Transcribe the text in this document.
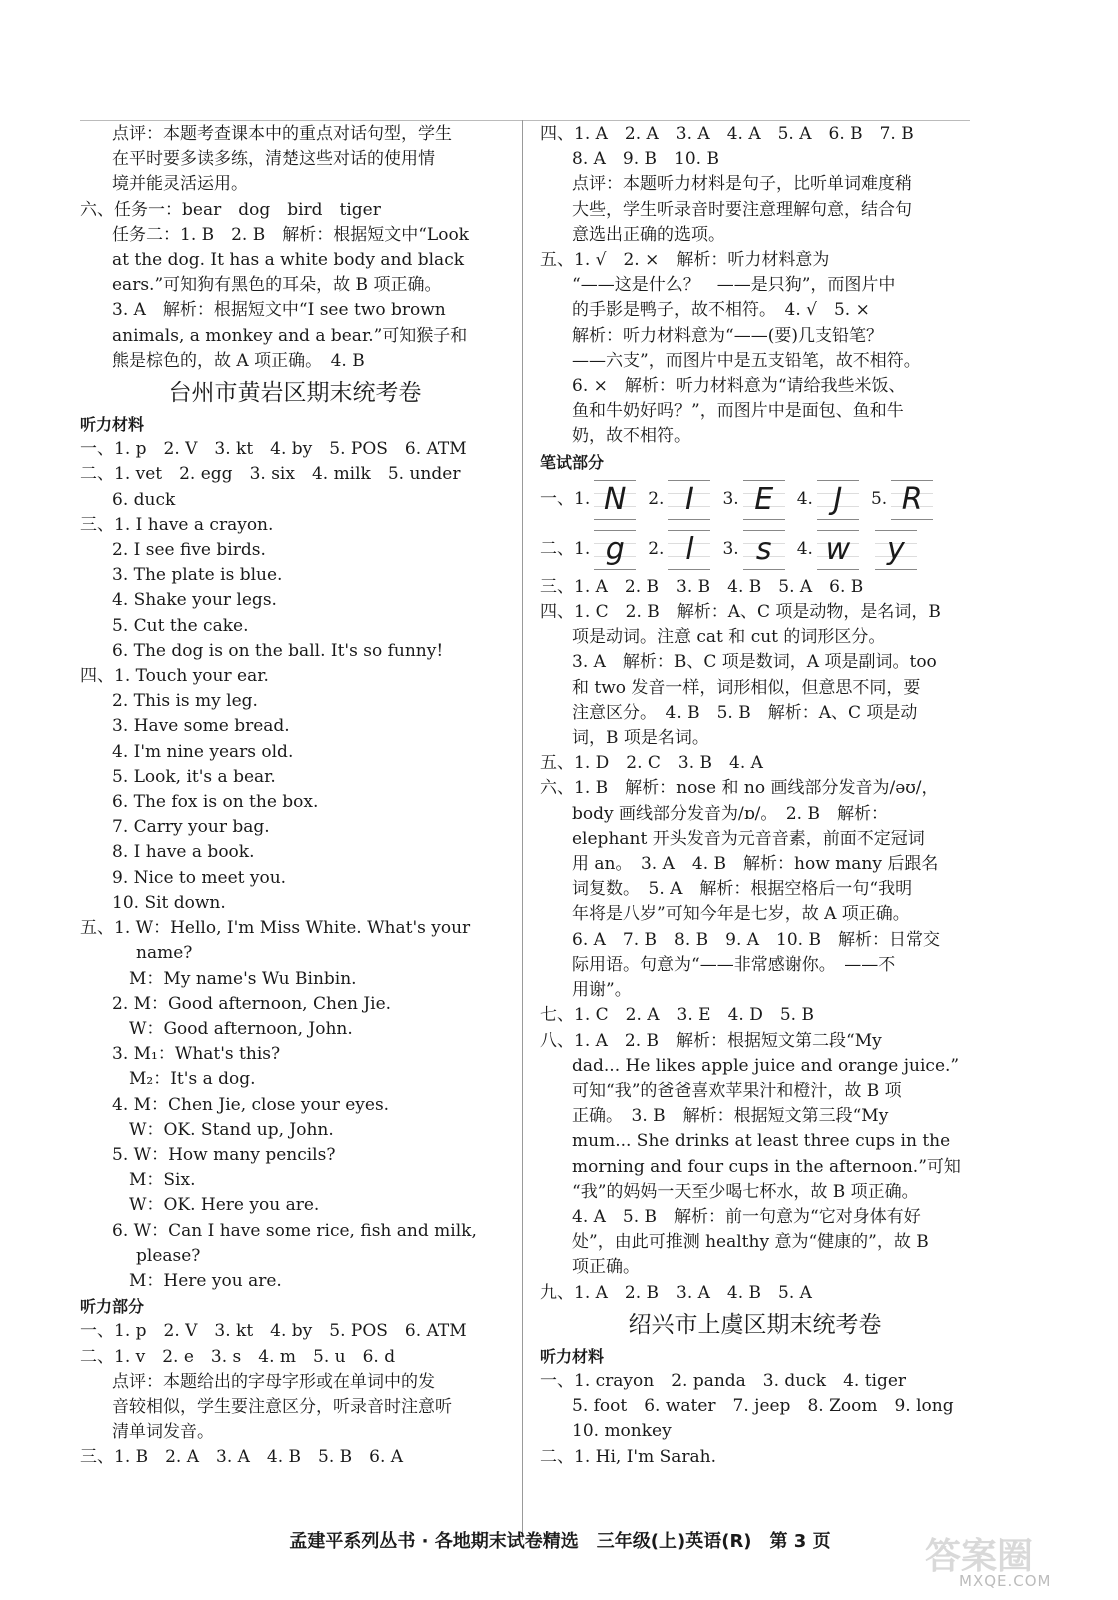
点评：本题考查课本中的重点对话句型，学生
在平时要多读多练，清楚这些对话的使用情
境并能灵活运用。
六、任务一：bear　dog　bird　tiger
任务二：1. B　2. B　解析：根据短文中“Look
at the dog. It has a white body and black
ears.”可知狗有黑色的耳朵，故 B 项正确。
3. A　解析：根据短文中“I see two brown
animals, a monkey and a bear.”可知猴子和
熊是棕色的，故 A 项正确。　4. B
台州市黄岩区期末统考卷
听力材料
一、1. p　2. V　3. kt　4. by　5. POS　6. ATM
二、1. vet　2. egg　3. six　4. milk　5. under
6. duck
三、1. I have a crayon.
2. I see five birds.
3. The plate is blue.
4. Shake your legs.
5. Cut the cake.
6. The dog is on the ball. It's so funny!
四、1. Touch your ear.
2. This is my leg.
3. Have some bread.
4. I'm nine years old.
5. Look, it's a bear.
6. The fox is on the box.
7. Carry your bag.
8. I have a book.
9. Nice to meet you.
10. Sit down.
五、1. W：Hello, I'm Miss White. What's your
name?
　M：My name's Wu Binbin.
2. M：Good afternoon, Chen Jie.
　W：Good afternoon, John.
3. M₁：What's this?
　M₂：It's a dog.
4. M：Chen Jie, close your eyes.
　W：OK. Stand up, John.
5. W：How many pencils?
　M：Six.
　W：OK. Here you are.
6. W：Can I have some rice, fish and milk,
please?
　M：Here you are.
听力部分
一、1. p　2. V　3. kt　4. by　5. POS　6. ATM
二、1. v　2. e　3. s　4. m　5. u　6. d
点评：本题给出的字母字形或在单词中的发
音较相似，学生要注意区分，听录音时注意听
清单词发音。
三、1. B　2. A　3. A　4. B　5. B　6. A
四、1. A　2. A　3. A　4. A　5. A　6. B　7. B
8. A　9. B　10. B
点评：本题听力材料是句子，比听单词难度稍
大些，学生听录音时要注意理解句意，结合句
意选出正确的选项。
五、1. √　2. ×　解析：听力材料意为
“——这是什么？　——是只狗”，而图片中
的手影是鸭子，故不相符。　4. √　5. ×
解析：听力材料意为“——(要)几支铅笔？
——六支”，而图片中是五支铅笔，故不相符。
6. ×　解析：听力材料意为“请给我些米饭、
鱼和牛奶好吗？”，而图片中是面包、鱼和牛
奶，故不相符。
笔试部分
一、 1. N	2. I	3. E	4. J	5. R
二、 1. g	2. l	3. s	4. w	y
三、1. A　2. B　3. B　4. B　5. A　6. B
四、1. C　2. B　解析：A、C 项是动物，是名词，B
项是动词。注意 cat 和 cut 的词形区分。
3. A　解析：B、C 项是数词，A 项是副词。too
和 two 发音一样，词形相似，但意思不同，要
注意区分。　4. B　5. B　解析：A、C 项是动
词，B 项是名词。
五、1. D　2. C　3. B　4. A
六、1. B　解析：nose 和 no 画线部分发音为/əʊ/，
body 画线部分发音为/ɒ/。　2. B　解析：
elephant 开头发音为元音音素，前面不定冠词
用 an。　3. A　4. B　解析：how many 后跟名
词复数。　5. A　解析：根据空格后一句“我明
年将是八岁”可知今年是七岁，故 A 项正确。
6. A　7. B　8. B　9. A　10. B　解析：日常交
际用语。句意为“——非常感谢你。　——不
用谢”。
七、1. C　2. A　3. E　4. D　5. B
八、1. A　2. B　解析：根据短文第二段“My
dad... He likes apple juice and orange juice.”
可知“我”的爸爸喜欢苹果汁和橙汁，故 B 项
正确。　3. B　解析：根据短文第三段“My
mum... She drinks at least three cups in the
morning and four cups in the afternoon.”可知
“我”的妈妈一天至少喝七杯水，故 B 项正确。
4. A　5. B　解析：前一句意为“它对身体有好
处”，由此可推测 healthy 意为“健康的”，故 B
项正确。
九、1. A　2. B　3. A　4. B　5. A
绍兴市上虞区期末统考卷
听力材料
一、1. crayon　2. panda　3. duck　4. tiger
5. foot　6. water　7. jeep　8. Zoom　9. long
10. monkey
二、1. Hi, I'm Sarah.
孟建平系列丛书 · 各地期末试卷精选　三年级(上)英语(R)　第 3 页	答案圈
MXQE.COM
